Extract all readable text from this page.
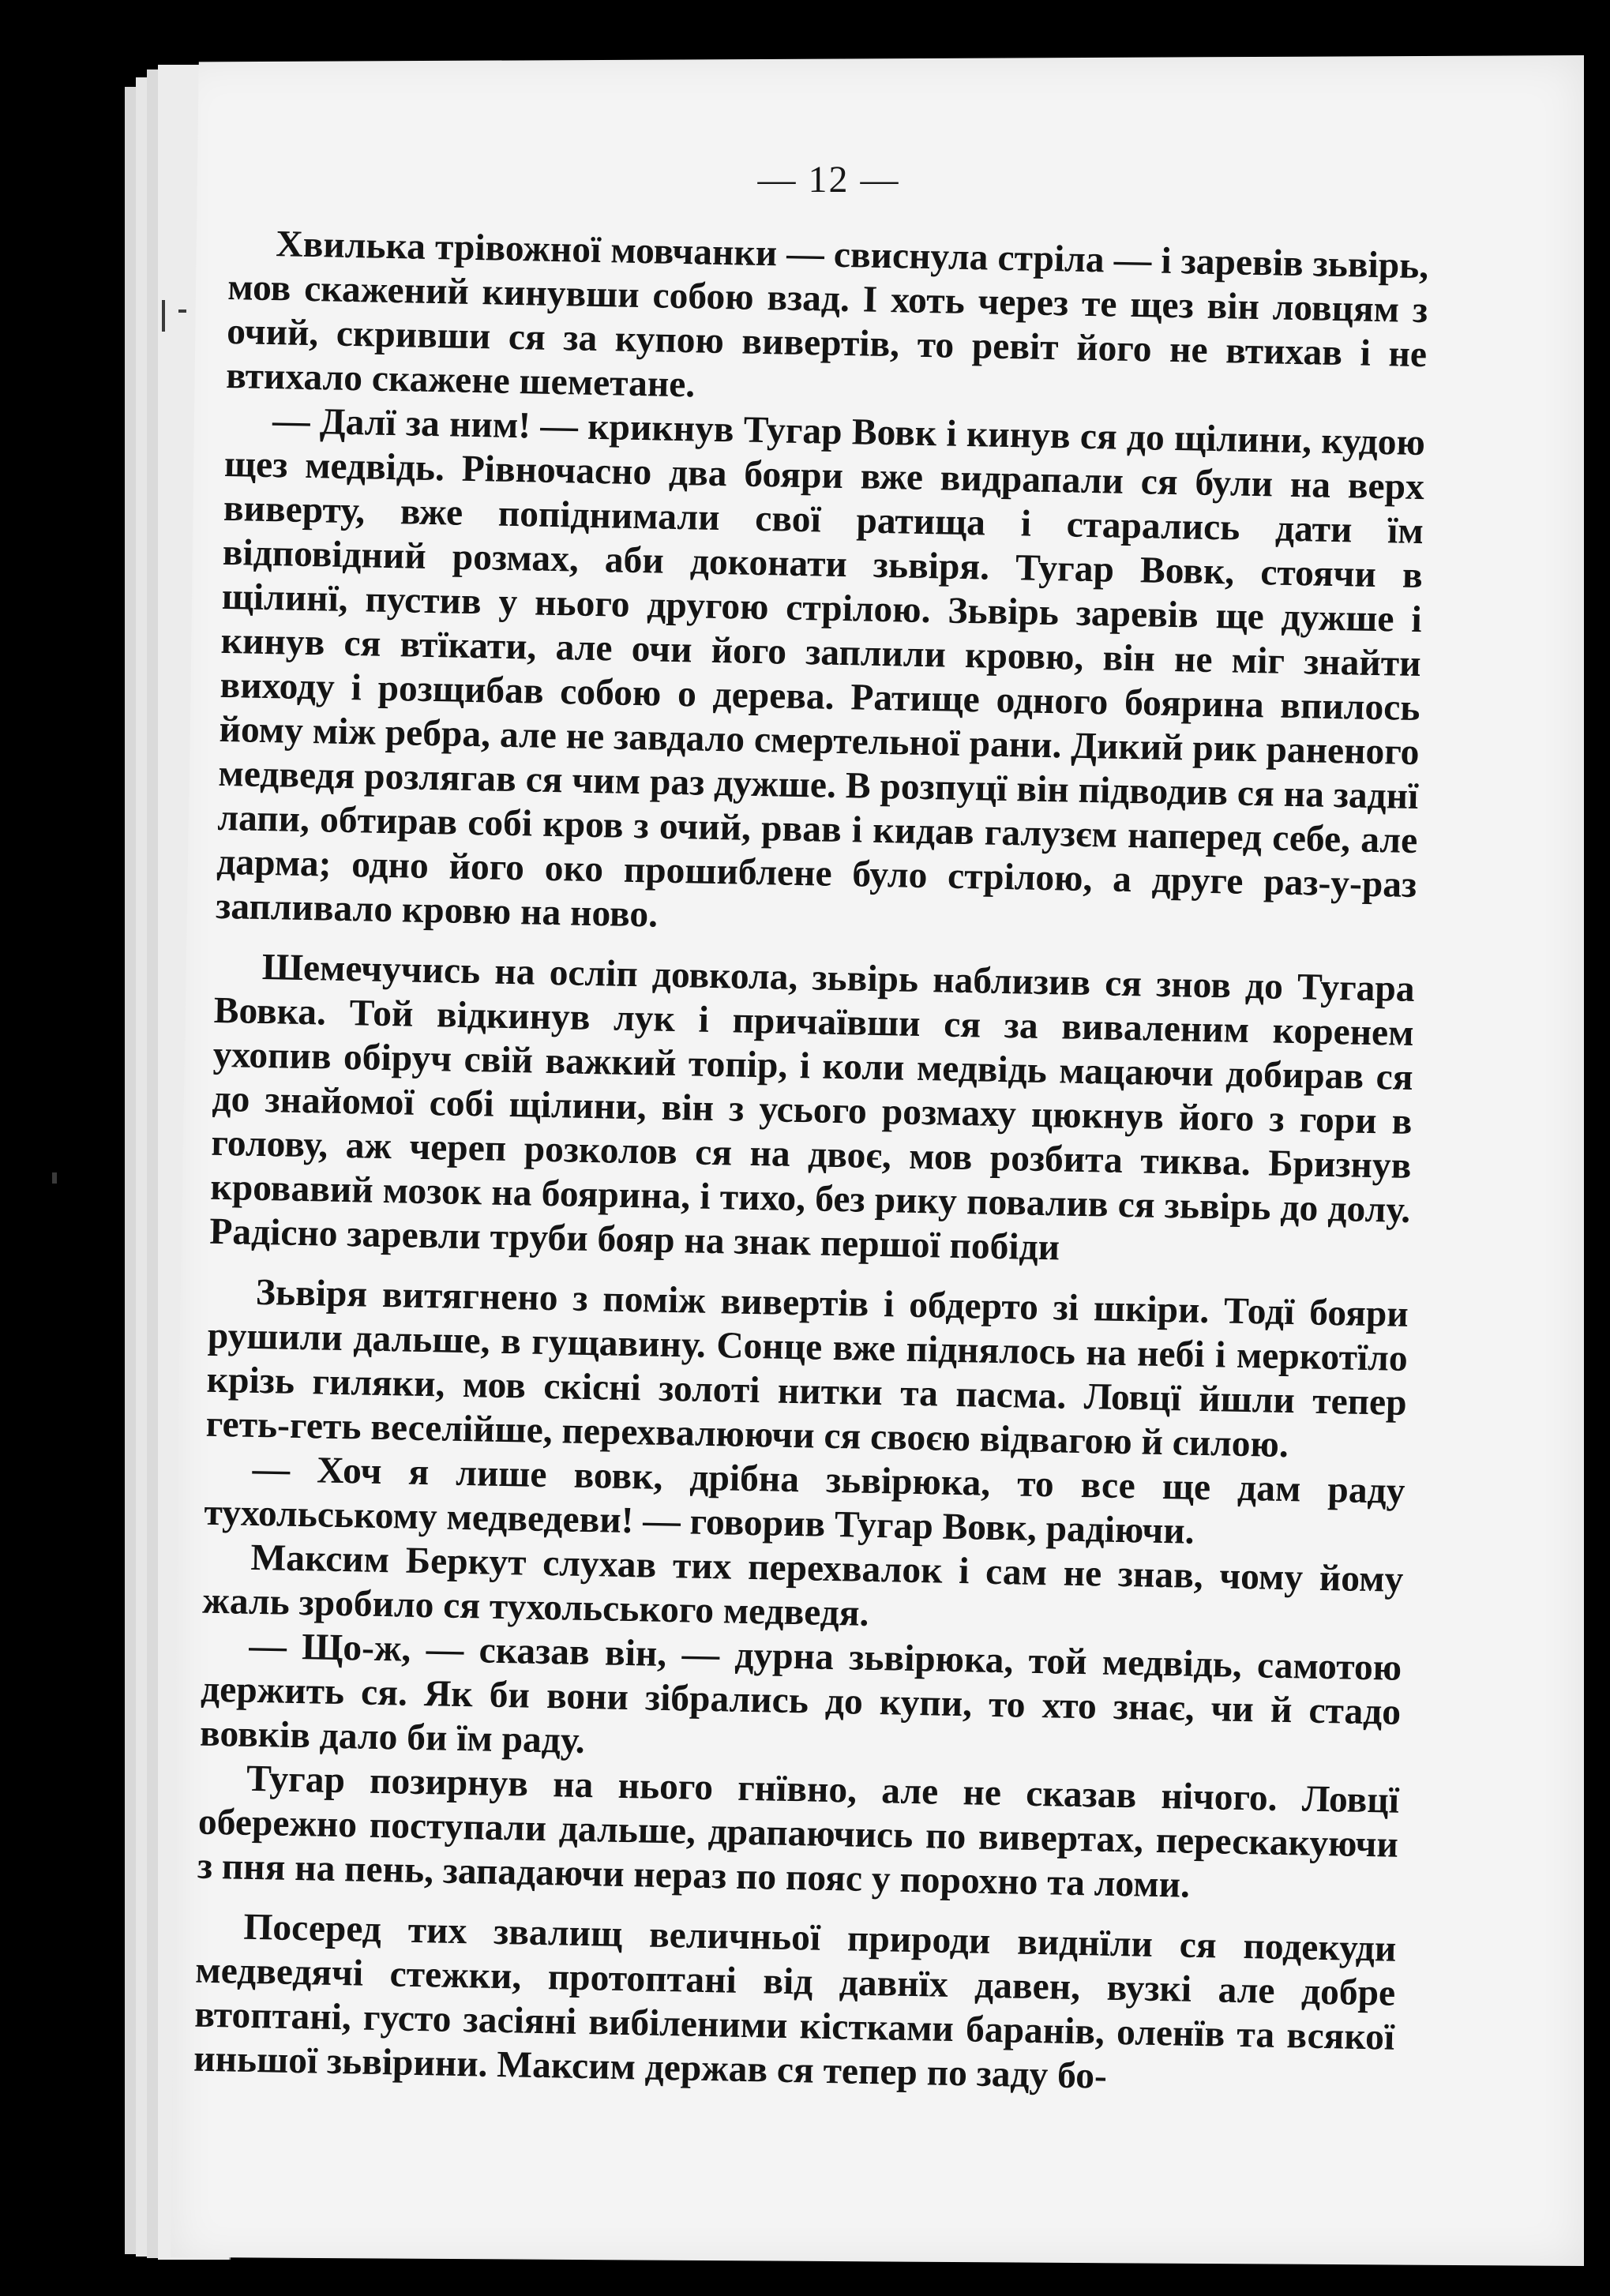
— 12 —

Хвилька трівожної мовчанки — свиснула стріла — і заревів зьвірь, мов скажений кинувши собою взад. І хоть через те щез він ловцям з очий, скривши ся за купою вивертів, то ревіт його не втихав і не втихало скажене шеметане.

— Далї за ним! — крикнув Тугар Вовк і кинув ся до щілини, кудою щез медвідь. Рівночасно два бояри вже видрапали ся були на верх виверту, вже попіднимали свої ратища і старались дати їм відповідний розмах, аби доконати зьвіря. Тугар Вовк, стоячи в щілинї, пустив у нього другою стрілою. Зьвірь заревів ще дужше і кинув ся втїкати, але очи його заплили кровю, він не міг знайти виходу і розщибав собою о дерева. Ратище одного боярина впилось йому між ребра, але не завдало смертельної рани. Дикий рик раненого медведя розлягав ся чим раз дужше. В розпуцї він підводив ся на заднї лапи, обтирав собі кров з очий, рвав і кидав галузєм наперед себе, але дарма; одно його око прошиблене було стрілою, а друге раз-у-раз запливало кровю на ново.

Шемечучись на осліп довкола, зьвірь наблизив ся знов до Тугара Вовка. Той відкинув лук і причаївши ся за виваленим коренем ухопив обіруч свій важкий топір, і коли медвідь мацаючи добирав ся до знайомої собі щілини, він з усього розмаху цюкнув його з гори в голову, аж череп розколов ся на двоє, мов розбита тиква. Бризнув кровавий мозок на боярина, і тихо, без рику повалив ся зьвірь до долу. Радісно заревли труби бояр на знак першої побіди

Зьвіря витягнено з поміж вивертів і обдерто зі шкіри. Тодї бояри рушили дальше, в гущавину. Сонце вже піднялось на небі і меркотїло крізь гиляки, мов скісні золоті нитки та пасма. Ловцї йшли тепер геть-геть веселійше, перехвалюючи ся своєю відвагою й силою.

— Хоч я лише вовк, дрібна зьвірюка, то все ще дам раду тухольському медведеви! — говорив Тугар Вовк, радіючи.

Максим Беркут слухав тих перехвалок і сам не знав, чому йому жаль зробило ся тухольського медведя.

— Що-ж, — сказав він, — дурна зьвірюка, той медвідь, самотою держить ся. Як би вони зібрались до купи, то хто знає, чи й стадо вовків дало би їм раду.

Тугар позирнув на нього гнївно, але не сказав нічого. Ловцї обережно поступали дальше, драпаючись по вивертах, перескакуючи з пня на пень, западаючи нераз по пояс у порохно та ломи.

Посеред тих звалищ величньої природи виднїли ся подекуди медведячі стежки, протоптані від давнїх давен, вузкі але добре втоптані, густо засіяні вибіленими кістками баранів, оленїв та всякої иньшої зьвірини. Максим держав ся тепер по заду бо-
